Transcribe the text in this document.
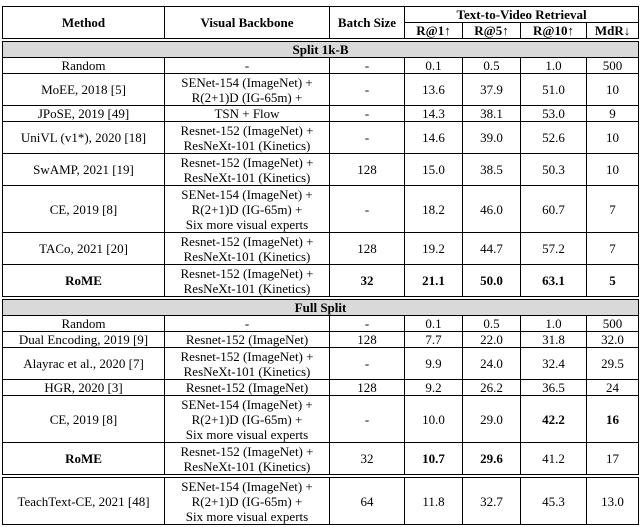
Method	Visual Backbone	Batch Size	Text-to-Video Retrieval			
			R@1↑	R@5↑	R@10↑	MdR↓

Split 1k-B						
Random	-	-	0.1	0.5	1.0	500
MoEE, 2018 [5]	SENet-154 (ImageNet) +
R(2+1)D (IG-65m) +	-	13.6	37.9	51.0	10
JPoSE, 2019 [49]	TSN + Flow	-	14.3	38.1	53.0	9
UniVL (v1*), 2020 [18]	Resnet-152 (ImageNet) +
ResNeXt-101 (Kinetics)	-	14.6	39.0	52.6	10
SwAMP, 2021 [19]	Resnet-152 (ImageNet) +
ResNeXt-101 (Kinetics)	128	15.0	38.5	50.3	10
CE, 2019 [8]	SENet-154 (ImageNet) +
R(2+1)D (IG-65m) +
Six more visual experts	-	18.2	46.0	60.7	7
TACo, 2021 [20]	Resnet-152 (ImageNet) +
ResNeXt-101 (Kinetics)	128	19.2	44.7	57.2	7
RoME	Resnet-152 (ImageNet) +
ResNeXt-101 (Kinetics)	32	21.1	50.0	63.1	5

Full Split						
Random	-	-	0.1	0.5	1.0	500
Dual Encoding, 2019 [9]	Resnet-152 (ImageNet)	128	7.7	22.0	31.8	32.0
Alayrac et al., 2020 [7]	Resnet-152 (ImageNet) +
ResNeXt-101 (Kinetics)	-	9.9	24.0	32.4	29.5
HGR, 2020 [3]	Resnet-152 (ImageNet)	128	9.2	26.2	36.5	24
CE, 2019 [8]	SENet-154 (ImageNet) +
R(2+1)D (IG-65m) +
Six more visual experts	-	10.0	29.0	42.2	16
RoME	Resnet-152 (ImageNet) +
ResNeXt-101 (Kinetics)	32	10.7	29.6	41.2	17

TeachText-CE, 2021 [48]	SENet-154 (ImageNet) +
R(2+1)D (IG-65m) +
Six more visual experts	64	11.8	32.7	45.3	13.0
